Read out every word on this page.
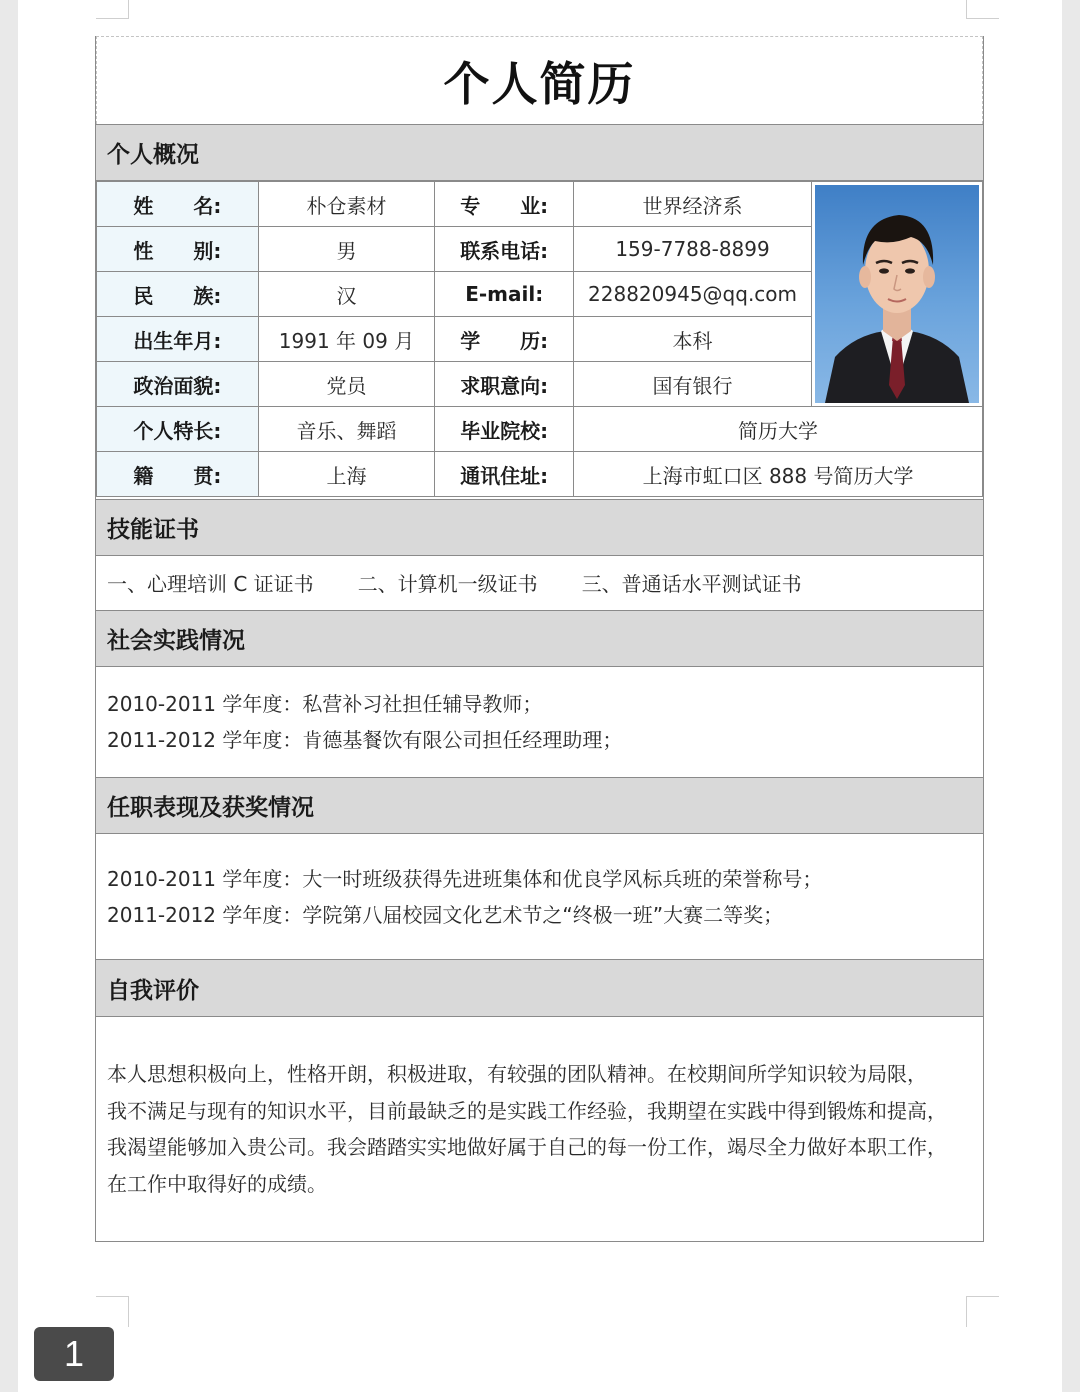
个人简历
个人概况
姓　　名:	朴仓素材	专　　业:	世界经济系	

性　　别:	男	联系电话:	159-7788-8899	
民　　族:	汉	E-mail:	228820945@qq.com	
出生年月:	1991 年 09 月	学　　历:	本科	
政治面貌:	党员	求职意向:	国有银行	
个人特长:	音乐、舞蹈	毕业院校:	简历大学	
籍　　贯:	上海	通讯住址:	上海市虹口区 888 号简历大学	
技能证书
一、心理培训 C 证证书 二、计算机一级证书 三、普通话水平测试证书
社会实践情况
2010-2011 学年度：私营补习社担任辅导教师；
2011-2012 学年度：肯德基餐饮有限公司担任经理助理；
任职表现及获奖情况
2010-2011 学年度：大一时班级获得先进班集体和优良学风标兵班的荣誉称号；
2011-2012 学年度：学院第八届校园文化艺术节之“终极一班”大赛二等奖；
自我评价
本人思想积极向上，性格开朗，积极进取，有较强的团队精神。在校期间所学知识较为局限，
我不满足与现有的知识水平，目前最缺乏的是实践工作经验，我期望在实践中得到锻炼和提高，
我渴望能够加入贵公司。我会踏踏实实地做好属于自己的每一份工作，竭尽全力做好本职工作，
在工作中取得好的成绩。
1
